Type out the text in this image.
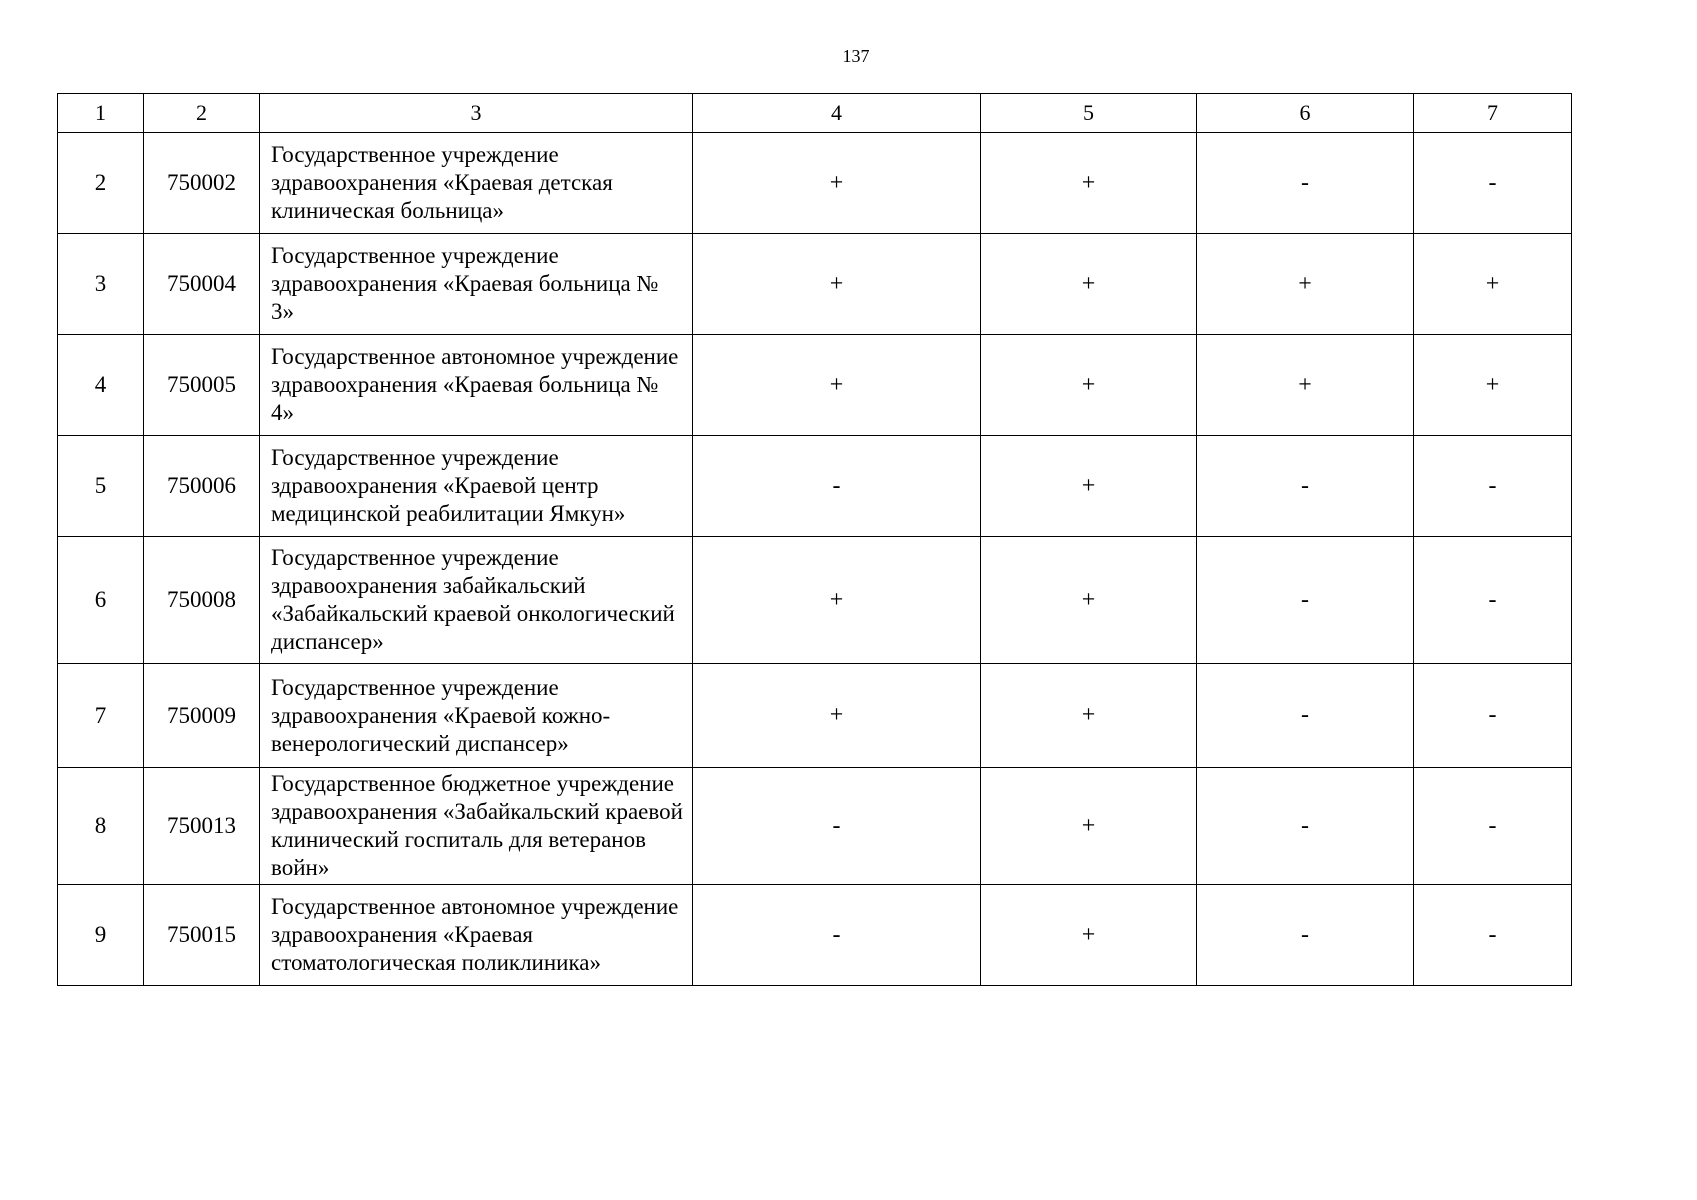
137
1	2	3	4	5	6	7
2	750002	Государственное учреждение здравоохранения «Краевая детская клиническая больница»	+	+	-	-
3	750004	Государственное учреждение здравоохранения «Краевая больница № 3»	+	+	+	+
4	750005	Государственное автономное учреждение здравоохранения «Краевая больница № 4»	+	+	+	+
5	750006	Государственное учреждение здравоохранения «Краевой центр медицинской реабилитации Ямкун»	-	+	-	-
6	750008	Государственное учреждение здравоохранения забайкальский «Забайкальский краевой онкологический диспансер»	+	+	-	-
7	750009	Государственное учреждение здравоохранения «Краевой кожно-венерологический диспансер»	+	+	-	-
8	750013	Государственное бюджетное учреждение здравоохранения «Забайкальский краевой клинический госпиталь для ветеранов войн»	-	+	-	-
9	750015	Государственное автономное учреждение здравоохранения «Краевая стоматологическая поликлиника»	-	+	-	-
